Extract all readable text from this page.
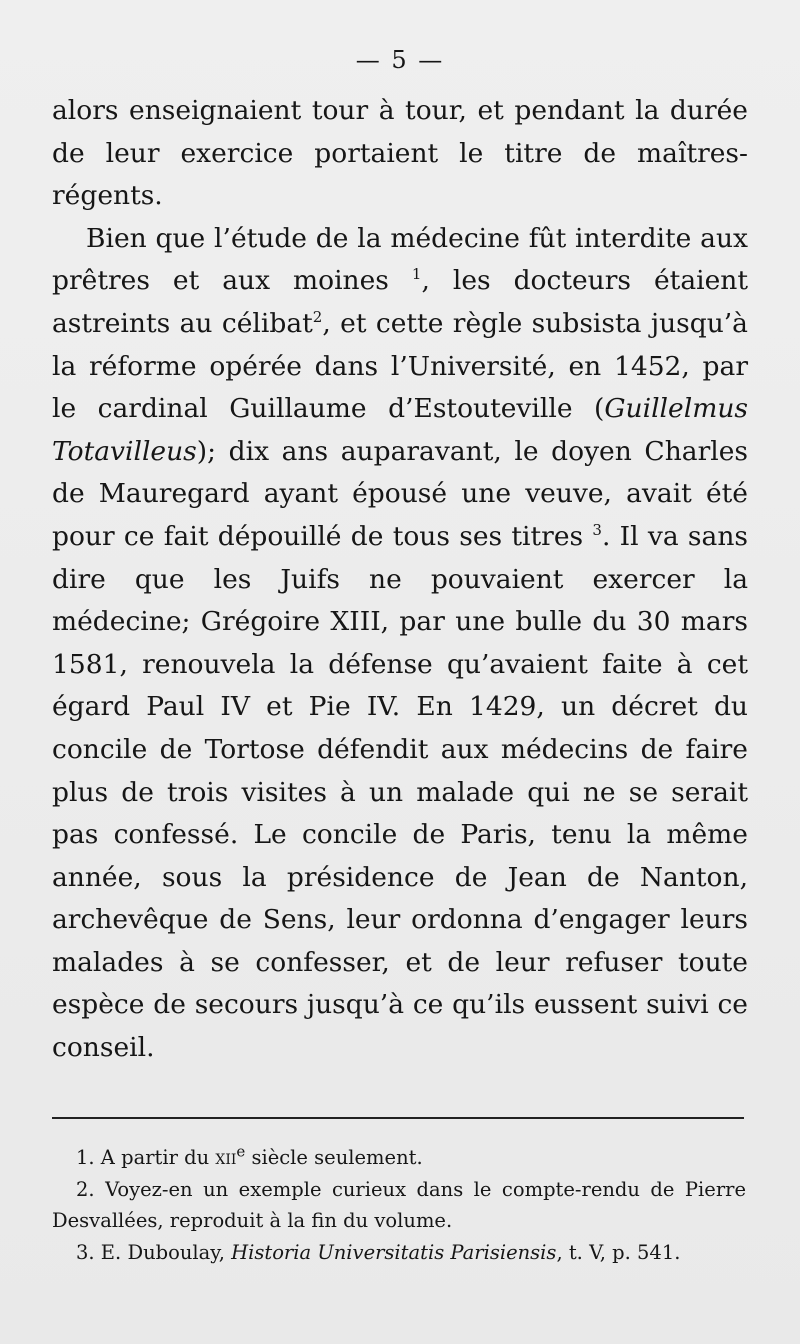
— 5 —

alors enseignaient tour à tour, et pendant la durée de leur exercice portaient le titre de maîtres-régents.

Bien que l’étude de la médecine fût interdite aux prêtres et aux moines $^1$, les docteurs étaient astreints au célibat$^2$, et cette règle subsista jusqu’à la réforme opérée dans l’Université, en 1452, par le cardinal Guillaume d’Estouteville (Guillelmus Totavilleus); dix ans auparavant, le doyen Charles de Mauregard ayant épousé une veuve, avait été pour ce fait dépouillé de tous ses titres $^3$. Il va sans dire que les Juifs ne pouvaient exercer la médecine; Grégoire XIII, par une bulle du 30 mars 1581, renouvela la défense qu’avaient faite à cet égard Paul IV et Pie IV. En 1429, un décret du concile de Tortose défendit aux médecins de faire plus de trois visites à un malade qui ne se serait pas confessé. Le concile de Paris, tenu la même année, sous la présidence de Jean de Nanton, archevêque de Sens, leur ordonna d’engager leurs malades à se confesser, et de leur refuser toute espèce de secours jusqu’à ce qu’ils eussent suivi ce conseil.

1. A partir du xii$^e$ siècle seulement.

2. Voyez-en un exemple curieux dans le compte-rendu de Pierre Desvallées, reproduit à la fin du volume.

3. E. Duboulay, Historia Universitatis Parisiensis, t. V, p. 541.
